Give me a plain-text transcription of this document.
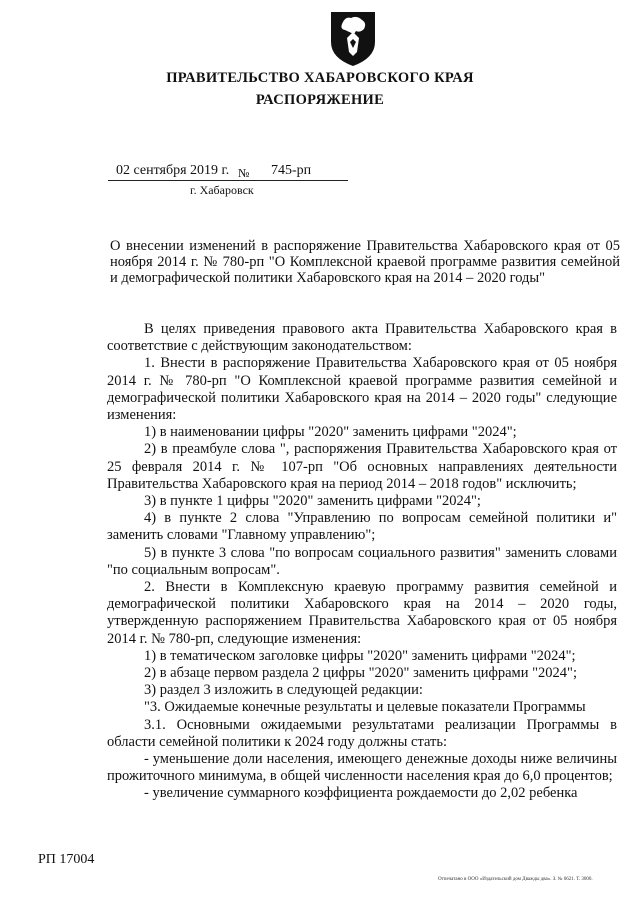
ПРАВИТЕЛЬСТВО ХАБАРОВСКОГО КРАЯ
РАСПОРЯЖЕНИЕ
02 сентября 2019 г. № 745-рп
г. Хабаровск
О внесении изменений в распоряжение Правительства Хабаровского края от 05 ноября 2014 г. № 780-рп "О Комплексной краевой программе развития семейной и демографической политики Хабаровского края на 2014 – 2020 годы"

В целях приведения правового акта Правительства Хабаровского края в соответствие с действующим законодательством:

1. Внести в распоряжение Правительства Хабаровского края от 05 ноября 2014 г. № 780-рп "О Комплексной краевой программе развития семейной и демографической политики Хабаровского края на 2014 – 2020 годы" следующие изменения:

1) в наименовании цифры "2020" заменить цифрами "2024";

2) в преамбуле слова ", распоряжения Правительства Хабаровского края от 25 февраля 2014 г. № 107-рп "Об основных направлениях деятельности Правительства Хабаровского края на период 2014 – 2018 годов" исключить;

3) в пункте 1 цифры "2020" заменить цифрами "2024";

4) в пункте 2 слова "Управлению по вопросам семейной политики и" заменить словами "Главному управлению";

5) в пункте 3 слова "по вопросам социального развития" заменить словами "по социальным вопросам".

2. Внести в Комплексную краевую программу развития семейной и демографической политики Хабаровского края на 2014 – 2020 годы, утвержденную распоряжением Правительства Хабаровского края от 05 ноября 2014 г. № 780-рп, следующие изменения:

1) в тематическом заголовке цифры "2020" заменить цифрами "2024";

2) в абзаце первом раздела 2 цифры "2020" заменить цифрами "2024";

3) раздел 3 изложить в следующей редакции:

"3. Ожидаемые конечные результаты и целевые показатели Программы

3.1. Основными ожидаемыми результатами реализации Программы в области семейной политики к 2024 году должны стать:

- уменьшение доли населения, имеющего денежные доходы ниже величины прожиточного минимума, в общей численности населения края до 6,0 процентов;

- увеличение суммарного коэффициента рождаемости до 2,02 ребенка

РП 17004
Отпечатано в ООО «Издательский дом Дважды два». З. № 6621. Т. 3000.
